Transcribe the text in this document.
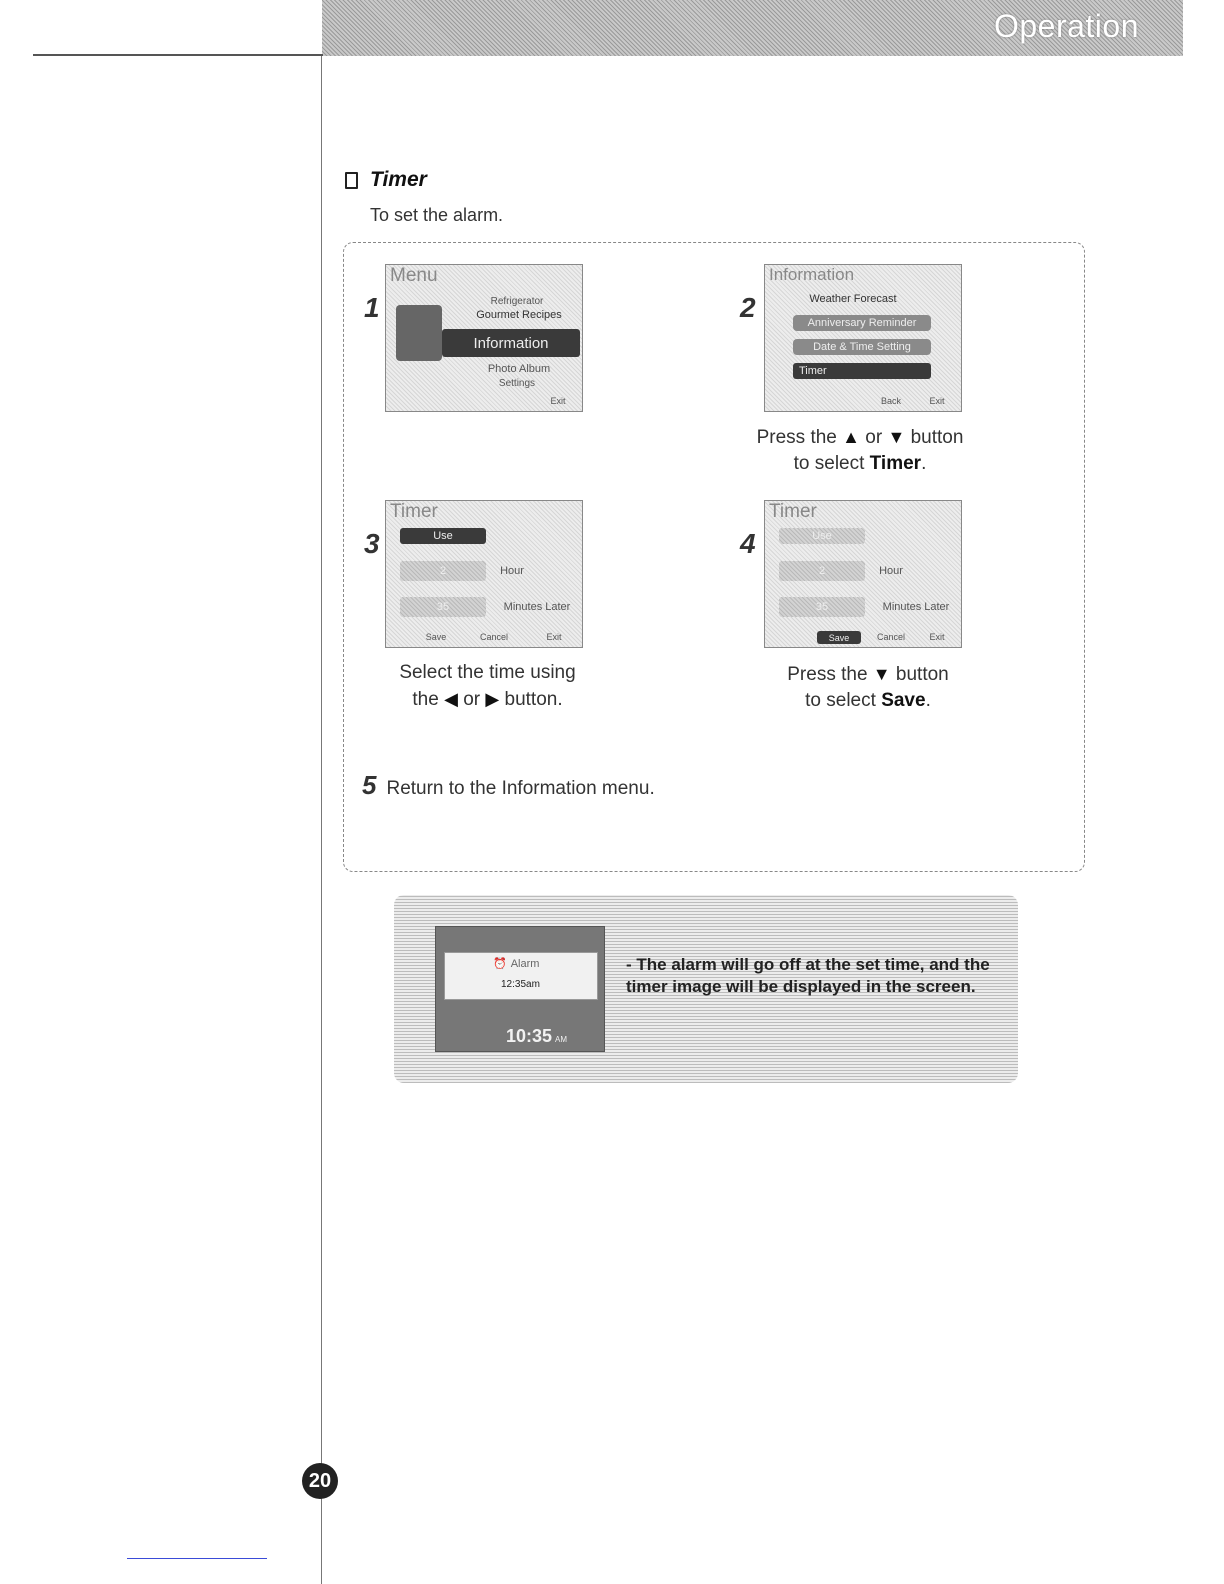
Operation
Timer
To set the alarm.
1
Menu
Refrigerator
Gourmet Recipes
Information
Photo Album
Settings
Exit
2
Information
Weather Forecast
Anniversary Reminder
Date & Time Setting
Timer
Back	Exit
Press the ▲ or ▼ button
to select Timer.
3
Timer
Use
2	Hour
35	Minutes Later
Save	Cancel	Exit
Select the time using
the ◀ or ▶ button.
4
Timer
Use
2	Hour
35	Minutes Later
Save	Cancel	Exit
Press the ▼ button
to select Save.
5 Return to the Information menu.
⏰ Alarm
12:35am
10:35 AM
- The alarm will go off at the set time, and the timer image will be displayed in the screen.
20
